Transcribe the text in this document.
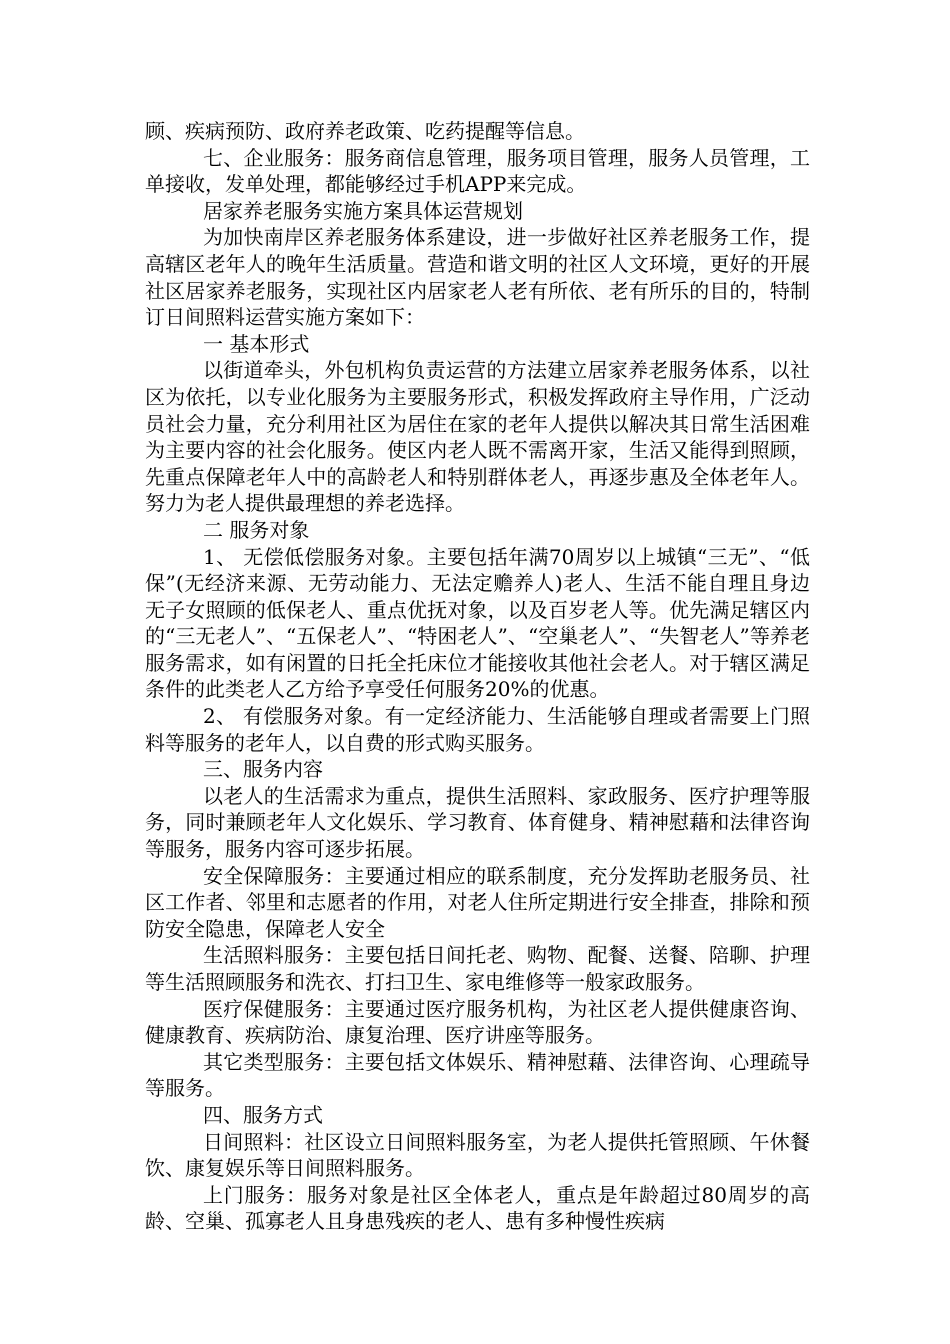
顾、疾病预防、政府养老政策、吃药提醒等信息。

七、企业服务：服务商信息管理，服务项目管理，服务人员管理，工单接收，发单处理，都能够经过手机APP来完成。

居家养老服务实施方案具体运营规划

为加快南岸区养老服务体系建设，进一步做好社区养老服务工作，提高辖区老年人的晚年生活质量。营造和谐文明的社区人文环境，更好的开展社区居家养老服务，实现社区内居家老人老有所依、老有所乐的目的，特制订日间照料运营实施方案如下：

一 基本形式

以街道牵头，外包机构负责运营的方法建立居家养老服务体系，以社区为依托，以专业化服务为主要服务形式，积极发挥政府主导作用，广泛动员社会力量，充分利用社区为居住在家的老年人提供以解决其日常生活困难为主要内容的社会化服务。使区内老人既不需离开家，生活又能得到照顾，先重点保障老年人中的高龄老人和特别群体老人，再逐步惠及全体老年人。努力为老人提供最理想的养老选择。

二 服务对象

1、 无偿低偿服务对象。主要包括年满70周岁以上城镇“三无”、“低保”(无经济来源、无劳动能力、无法定赡养人)老人、生活不能自理且身边无子女照顾的低保老人、重点优抚对象，以及百岁老人等。优先满足辖区内的“三无老人”、“五保老人”、“特困老人”、“空巢老人”、“失智老人”等养老服务需求，如有闲置的日托全托床位才能接收其他社会老人。对于辖区满足条件的此类老人乙方给予享受任何服务20%的优惠。

2、 有偿服务对象。有一定经济能力、生活能够自理或者需要上门照料等服务的老年人，以自费的形式购买服务。

三、服务内容

以老人的生活需求为重点，提供生活照料、家政服务、医疗护理等服务，同时兼顾老年人文化娱乐、学习教育、体育健身、精神慰藉和法律咨询等服务，服务内容可逐步拓展。

安全保障服务：主要通过相应的联系制度，充分发挥助老服务员、社区工作者、邻里和志愿者的作用，对老人住所定期进行安全排查，排除和预防安全隐患，保障老人安全

生活照料服务：主要包括日间托老、购物、配餐、送餐、陪聊、护理等生活照顾服务和洗衣、打扫卫生、家电维修等一般家政服务。

医疗保健服务：主要通过医疗服务机构，为社区老人提供健康咨询、健康教育、疾病防治、康复治理、医疗讲座等服务。

其它类型服务：主要包括文体娱乐、精神慰藉、法律咨询、心理疏导等服务。

四、服务方式

日间照料：社区设立日间照料服务室，为老人提供托管照顾、午休餐饮、康复娱乐等日间照料服务。

上门服务：服务对象是社区全体老人，重点是年龄超过80周岁的高龄、空巢、孤寡老人且身患残疾的老人、患有多种慢性疾病
